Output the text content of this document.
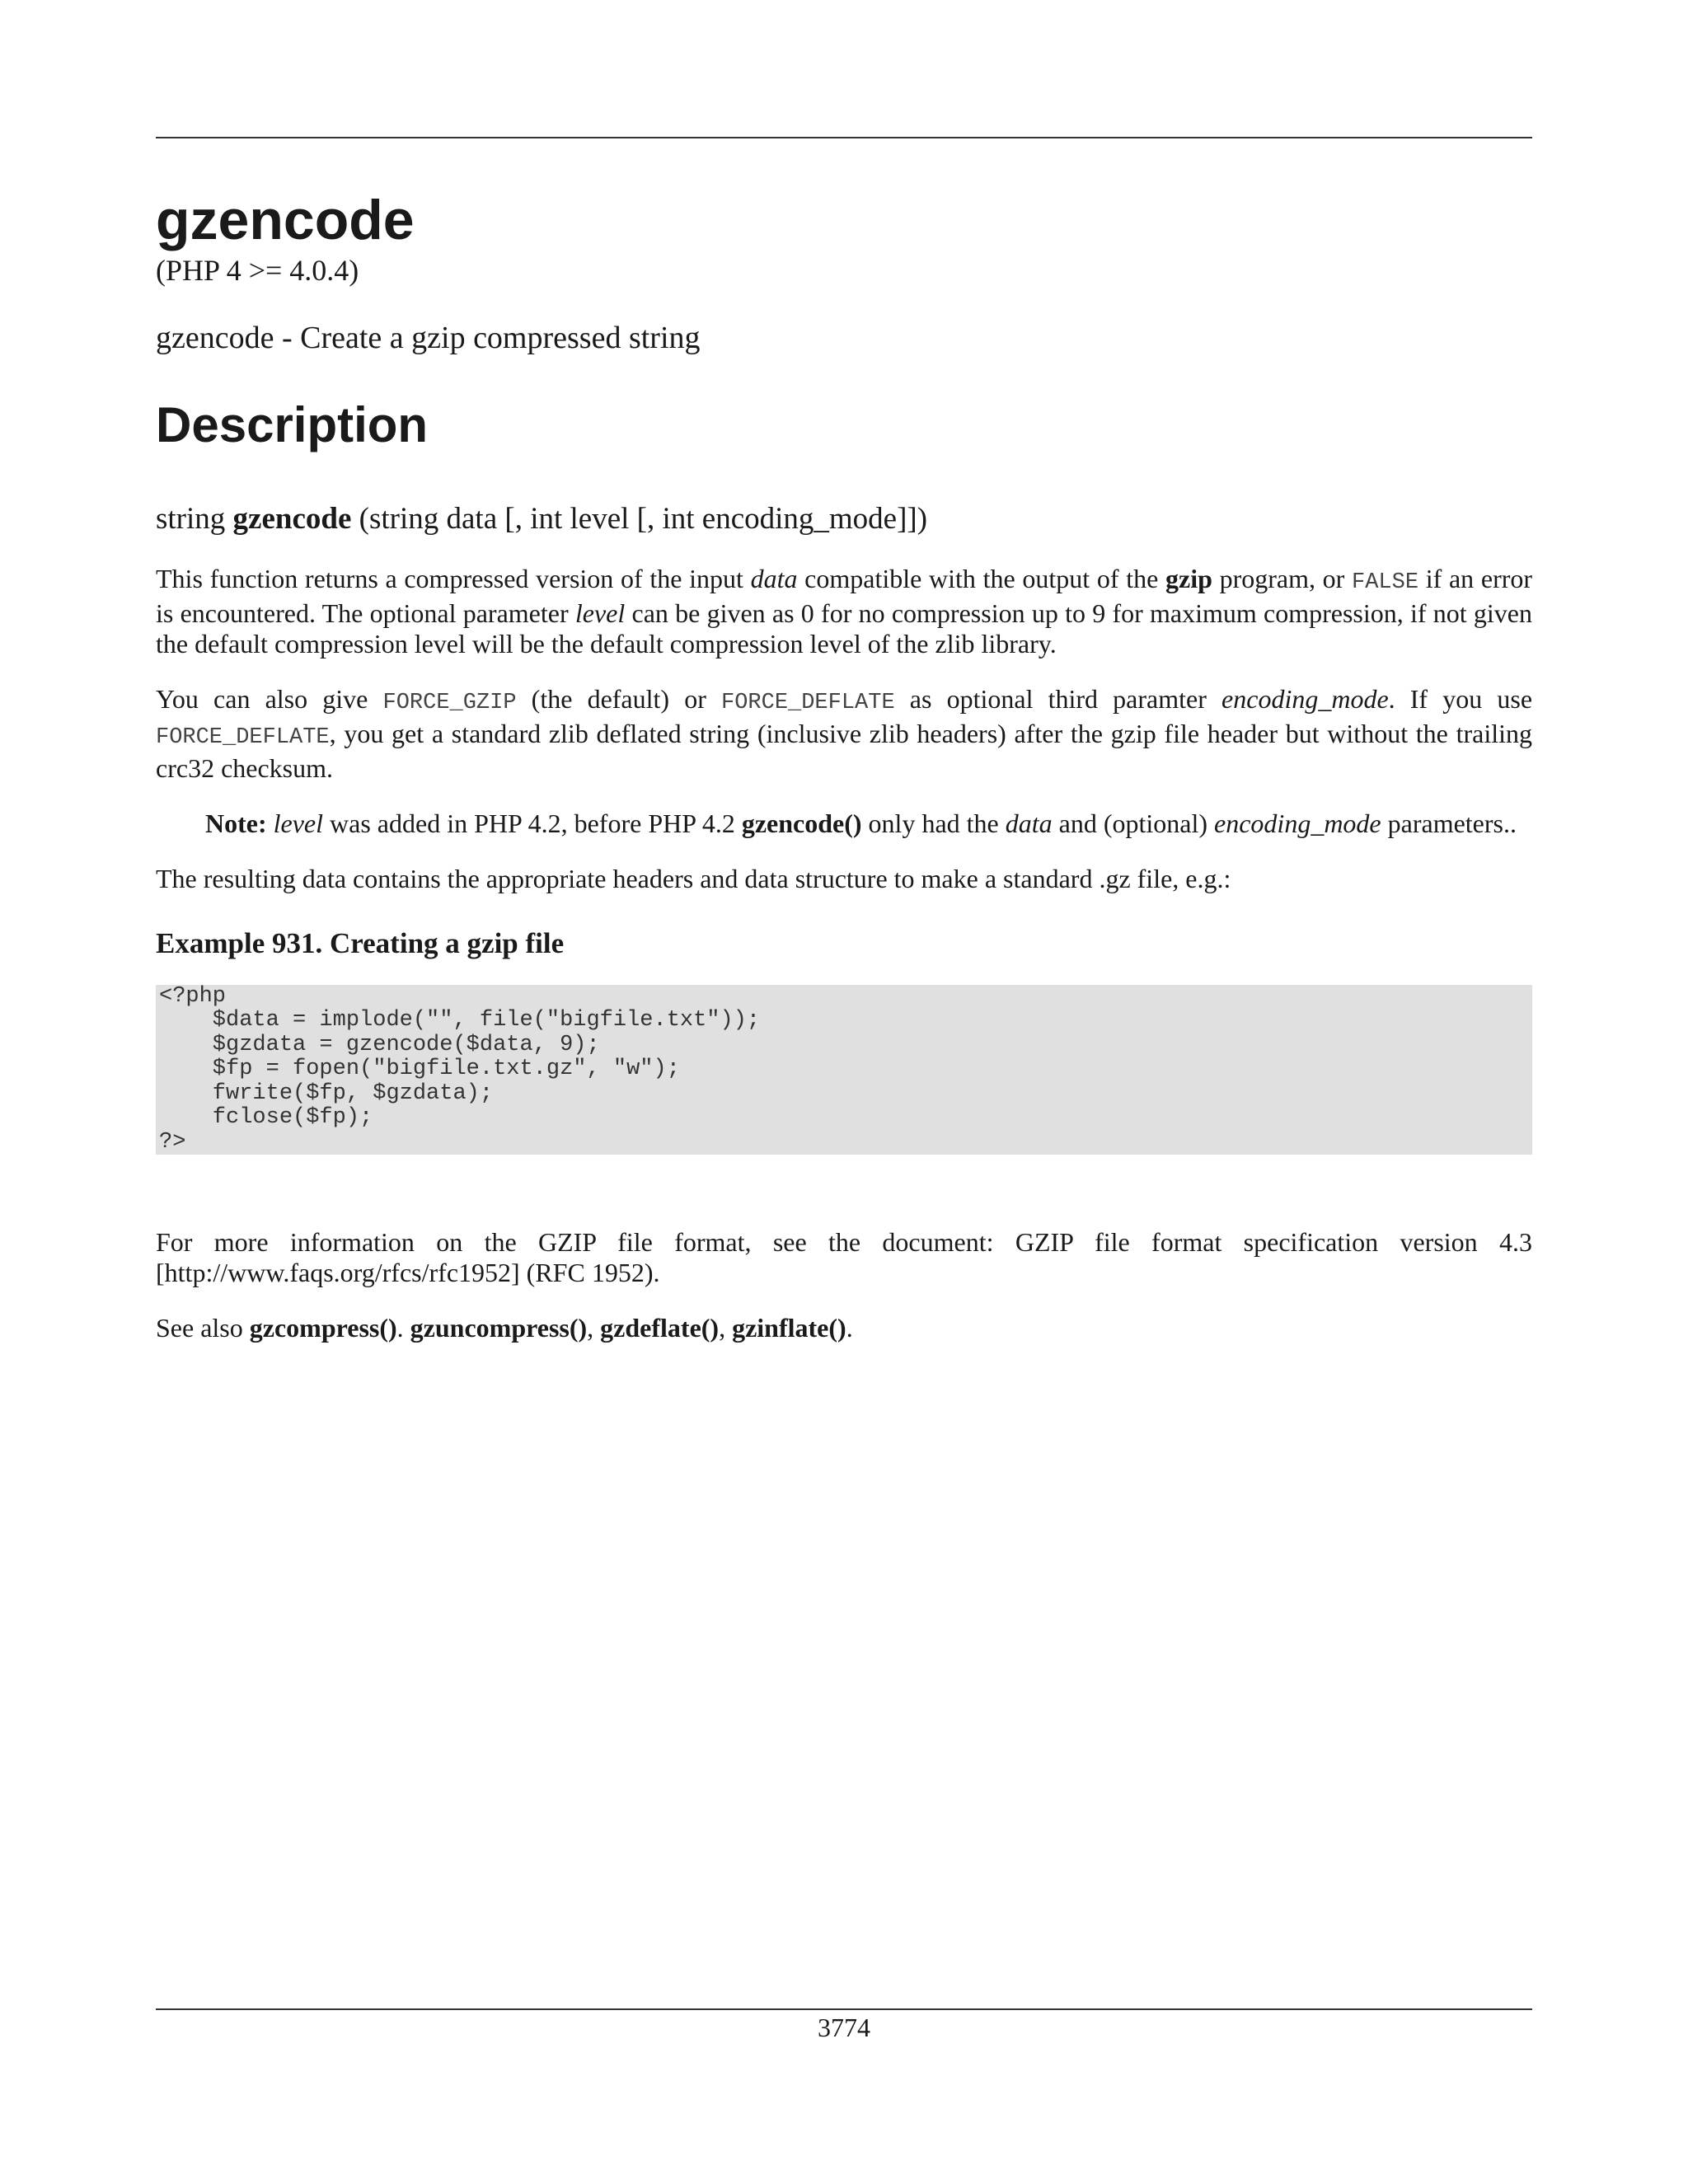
gzencode
(PHP 4 >= 4.0.4)
gzencode - Create a gzip compressed string
Description
string gzencode (string data [, int level [, int encoding_mode]])

This function returns a compressed version of the input data compatible with the output of the gzip program, or FALSE if an error is encountered. The optional parameter level can be given as 0 for no compression up to 9 for maximum compression, if not given the default compression level will be the default compression level of the zlib library.

You can also give FORCE_GZIP (the default) or FORCE_DEFLATE as optional third paramter encoding_mode. If you use FORCE_DEFLATE, you get a standard zlib deflated string (inclusive zlib headers) after the gzip file header but without the trailing crc32 checksum.

Note: level was added in PHP 4.2, before PHP 4.2 gzencode() only had the data and (optional) encoding_mode parameters..

The resulting data contains the appropriate headers and data structure to make a standard .gz file, e.g.:

Example 931. Creating a gzip file
<?php
$data = implode("", file("bigfile.txt"));
$gzdata = gzencode($data, 9);
$fp = fopen("bigfile.txt.gz", "w");
fwrite($fp, $gzdata);
fclose($fp);
?>

For more information on the GZIP file format, see the document: GZIP file format specification version 4.3 [http://www.faqs.org/rfcs/rfc1952] (RFC 1952).

See also gzcompress(). gzuncompress(), gzdeflate(), gzinflate().

3774
